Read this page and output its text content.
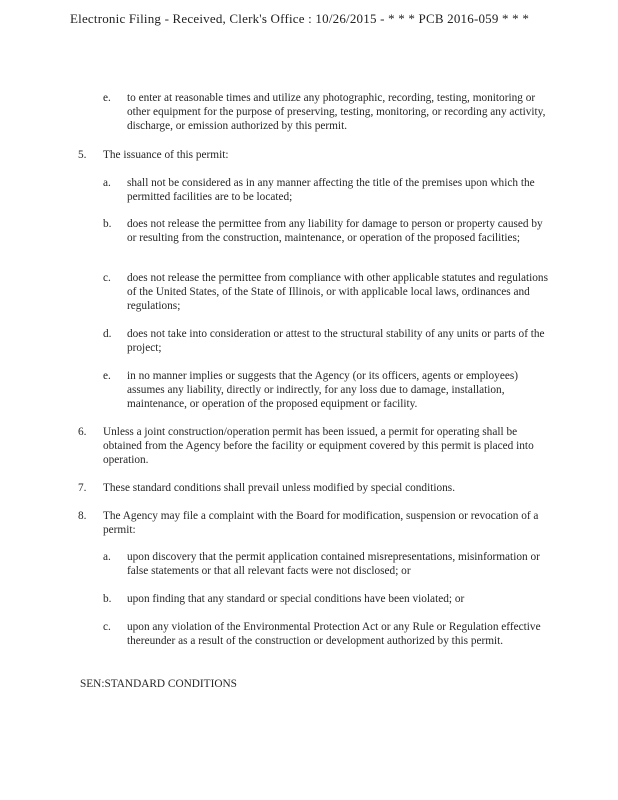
Electronic Filing - Received, Clerk's Office : 10/26/2015 - * * * PCB 2016-059 * * *
e. to enter at reasonable times and utilize any photographic, recording, testing, monitoring or other equipment for the purpose of preserving, testing, monitoring, or recording any activity, discharge, or emission authorized by this permit.
5. The issuance of this permit:
a. shall not be considered as in any manner affecting the title of the premises upon which the permitted facilities are to be located;
b. does not release the permittee from any liability for damage to person or property caused by or resulting from the construction, maintenance, or operation of the proposed facilities;
c. does not release the permittee from compliance with other applicable statutes and regulations of the United States, of the State of Illinois, or with applicable local laws, ordinances and regulations;
d. does not take into consideration or attest to the structural stability of any units or parts of the project;
e. in no manner implies or suggests that the Agency (or its officers, agents or employees) assumes any liability, directly or indirectly, for any loss due to damage, installation, maintenance, or operation of the proposed equipment or facility.
6. Unless a joint construction/operation permit has been issued, a permit for operating shall be obtained from the Agency before the facility or equipment covered by this permit is placed into operation.
7. These standard conditions shall prevail unless modified by special conditions.
8. The Agency may file a complaint with the Board for modification, suspension or revocation of a permit:
a. upon discovery that the permit application contained misrepresentations, misinformation or false statements or that all relevant facts were not disclosed; or
b. upon finding that any standard or special conditions have been violated; or
c. upon any violation of the Environmental Protection Act or any Rule or Regulation effective thereunder as a result of the construction or development authorized by this permit.
SEN:STANDARD CONDITIONS
